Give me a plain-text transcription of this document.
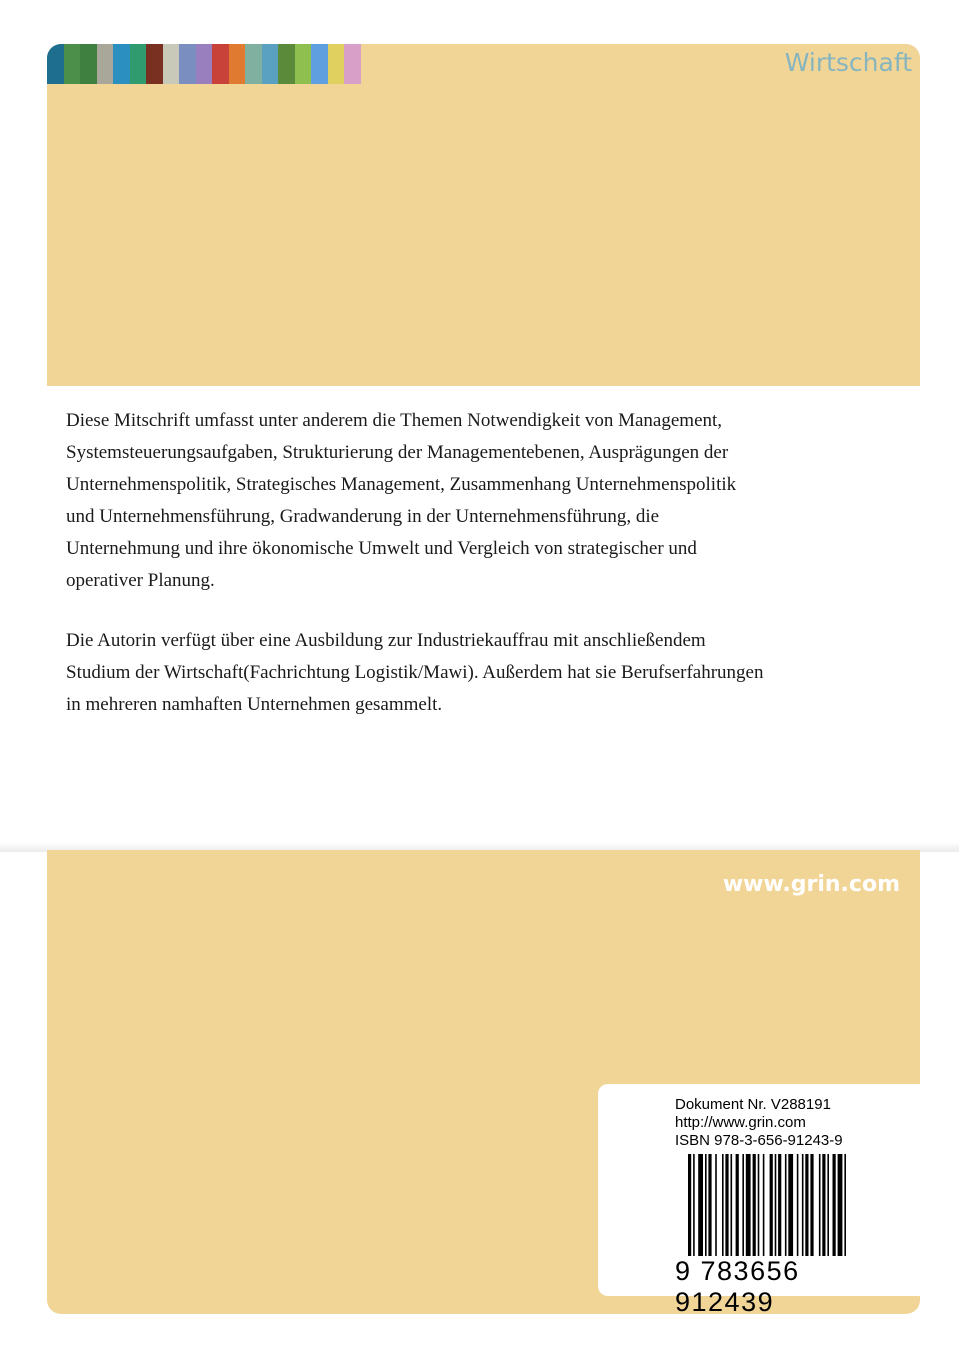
Wirtschaft

Diese Mitschrift umfasst unter anderem die Themen Notwendigkeit von Management,
Systemsteuerungsaufgaben, Strukturierung der Managementebenen, Ausprägungen der
Unternehmenspolitik, Strategisches Management, Zusammenhang Unternehmenspolitik
und Unternehmensführung, Gradwanderung in der Unternehmensführung, die
Unternehmung und ihre ökonomische Umwelt und Vergleich von strategischer und
operativer Planung.

Die Autorin verfügt über eine Ausbildung zur Industriekauffrau mit anschließendem
Studium der Wirtschaft(Fachrichtung Logistik/Mawi). Außerdem hat sie Berufserfahrungen
in mehreren namhaften Unternehmen gesammelt.

www.grin.com
Dokument Nr. V288191
http://www.grin.com
ISBN 978-3-656-91243-9
9 783656 912439
